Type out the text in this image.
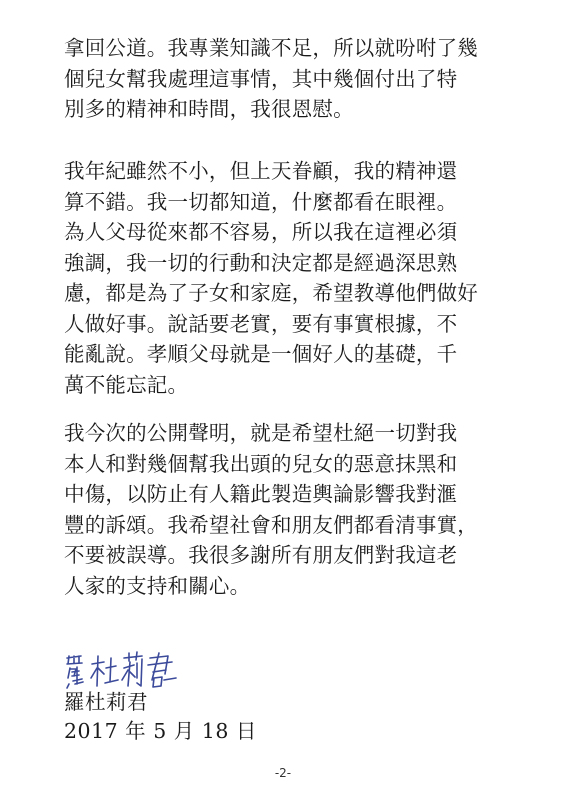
拿回公道。我專業知識不足，所以就吩咐了幾
個兒女幫我處理這事情，其中幾個付出了特
別多的精神和時間，我很恩慰。
我年紀雖然不小，但上天眷顧，我的精神還
算不錯。我一切都知道，什麼都看在眼裡。
為人父母從來都不容易，所以我在這裡必須
強調，我一切的行動和決定都是經過深思熟
慮，都是為了子女和家庭，希望教導他們做好
人做好事。說話要老實，要有事實根據，不
能亂說。孝順父母就是一個好人的基礎，千
萬不能忘記。
我今次的公開聲明，就是希望杜絕一切對我
本人和對幾個幫我出頭的兒女的惡意抹黑和
中傷，以防止有人籍此製造輿論影響我對滙
豐的訴頌。我希望社會和朋友們都看清事實，
不要被誤導。我很多謝所有朋友們對我這老
人家的支持和關心。
羅杜莉君
2017 年 5 月 18 日
-2-
